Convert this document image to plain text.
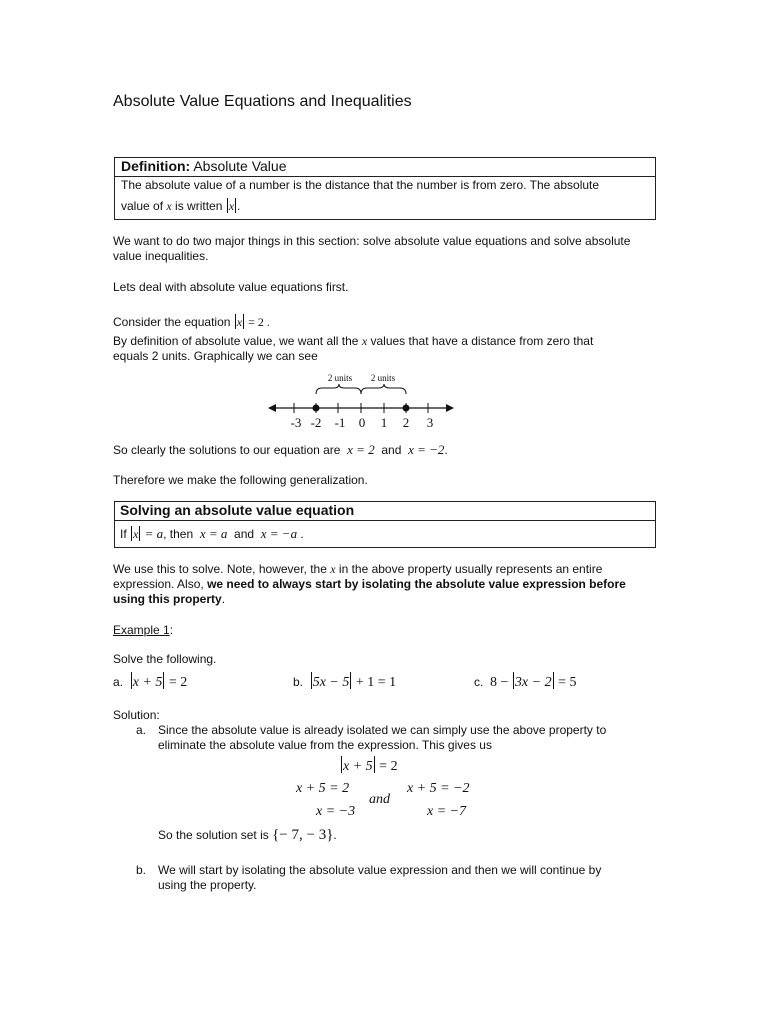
Absolute Value Equations and Inequalities
Definition: Absolute Value
The absolute value of a number is the distance that the number is from zero. The absolute
value of x is written x .
We want to do two major things in this section: solve absolute value equations and solve absolute
value inequalities.
Lets deal with absolute value equations first.
Consider the equation x = 2 .
By definition of absolute value, we want all the x values that have a distance from zero that
equals 2 units. Graphically we can see
2 units 2 units
-3 -2 -1 0 1 2 3
So clearly the solutions to our equation are  x = 2 and x = −2.
Therefore we make the following generalization.
Solving an absolute value equation
If x = a, then  x = a and x = −a .
We use this to solve. Note, however, the x in the above property usually represents an entire
expression. Also, we need to always start by isolating the absolute value expression before
using this property.
Example 1:
Solve the following.
a. x + 5 = 2	b. 5x − 5 + 1 = 1	c. 8 − 3x − 2 = 5
Solution:
a. Since the absolute value is already isolated we can simply use the above property to
eliminate the absolute value from the expression. This gives us
x + 5 = 2
x + 5 = 2
x = −3
and
x + 5 = −2
x = −7
So the solution set is {− 7, − 3}.
b. We will start by isolating the absolute value expression and then we will continue by
using the property.
